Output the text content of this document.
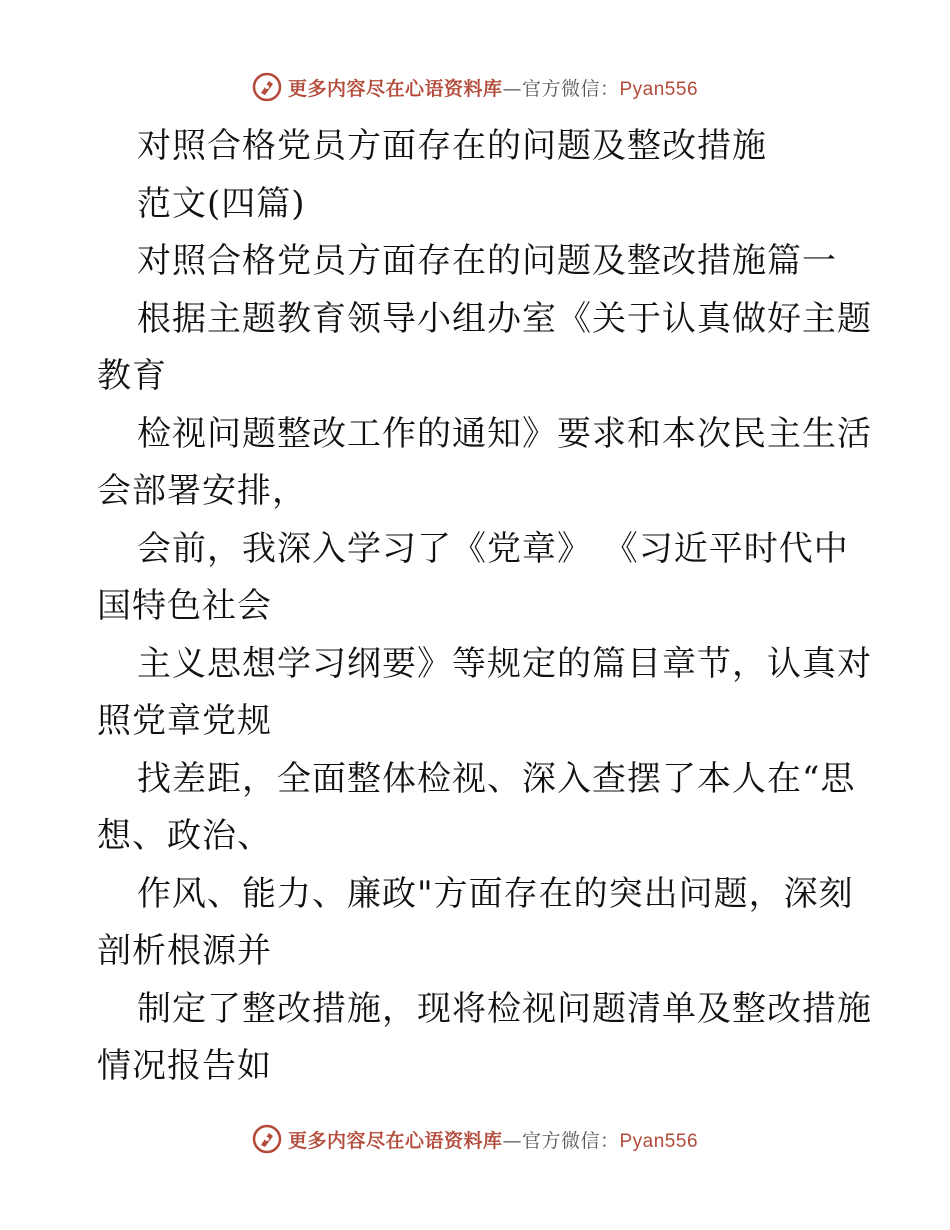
更多内容尽在心语资料库—官方微信：Pyan556
对照合格党员方面存在的问题及整改措施
范文(四篇)
对照合格党员方面存在的问题及整改措施篇一
根据主题教育领导小组办室《关于认真做好主题
教育
检视问题整改工作的通知》要求和本次民主生活
会部署安排，
会前，我深入学习了《党章》 《习近平时代中
国特色社会
主义思想学习纲要》等规定的篇目章节，认真对
照党章党规
找差距，全面整体检视、深入查摆了本人在“思
想、政治、
作风、能力、廉政"方面存在的突出问题，深刻
剖析根源并
制定了整改措施，现将检视问题清单及整改措施
情况报告如
更多内容尽在心语资料库—官方微信：Pyan556
